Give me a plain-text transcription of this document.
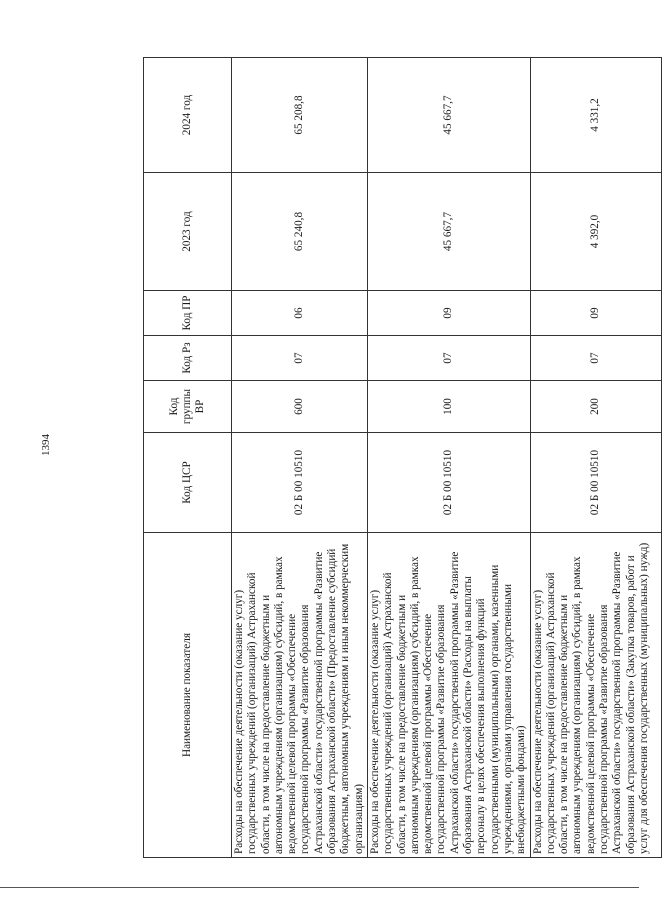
1394
Наименование показателя	Код ЦСР	Код группы ВР	Код Рз	Код ПР	2023 год	2024 год
Расходы на обеспечение деятельности (оказание услуг) государственных учреждений (организаций) Астраханской области, в том числе на предоставление бюджетным и автономным учреждениям (организациям) субсидий, в рамках ведомственной целевой программы «Обеспечение государственной программы «Развитие образования Астраханской области» государственной программы «Развитие образования Астраханской области» (Предоставление субсидий бюджетным, автономным учреждениям и иным некоммерческим организациям)	02 Б 00 10510	600	07	06	65 240,8	65 208,8
Расходы на обеспечение деятельности (оказание услуг) государственных учреждений (организаций) Астраханской области, в том числе на предоставление бюджетным и автономным учреждениям (организациям) субсидий, в рамках ведомственной целевой программы «Обеспечение государственной программы «Развитие образования Астраханской области» государственной программы «Развитие образования Астраханской области» (Расходы на выплаты персоналу в целях обеспечения выполнения функций государственными (муниципальными) органами, казенными учреждениями, органами управления государственными внебюджетными фондами)	02 Б 00 10510	100	07	09	45 667,7	45 667,7
Расходы на обеспечение деятельности (оказание услуг) государственных учреждений (организаций) Астраханской области, в том числе на предоставление бюджетным и автономным учреждениям (организациям) субсидий, в рамках ведомственной целевой программы «Обеспечение государственной программы «Развитие образования Астраханской области» государственной программы «Развитие образования Астраханской области» (Закупка товаров, работ и услуг для обеспечения государственных (муниципальных) нужд)	02 Б 00 10510	200	07	09	4 392,0	4 331,2
